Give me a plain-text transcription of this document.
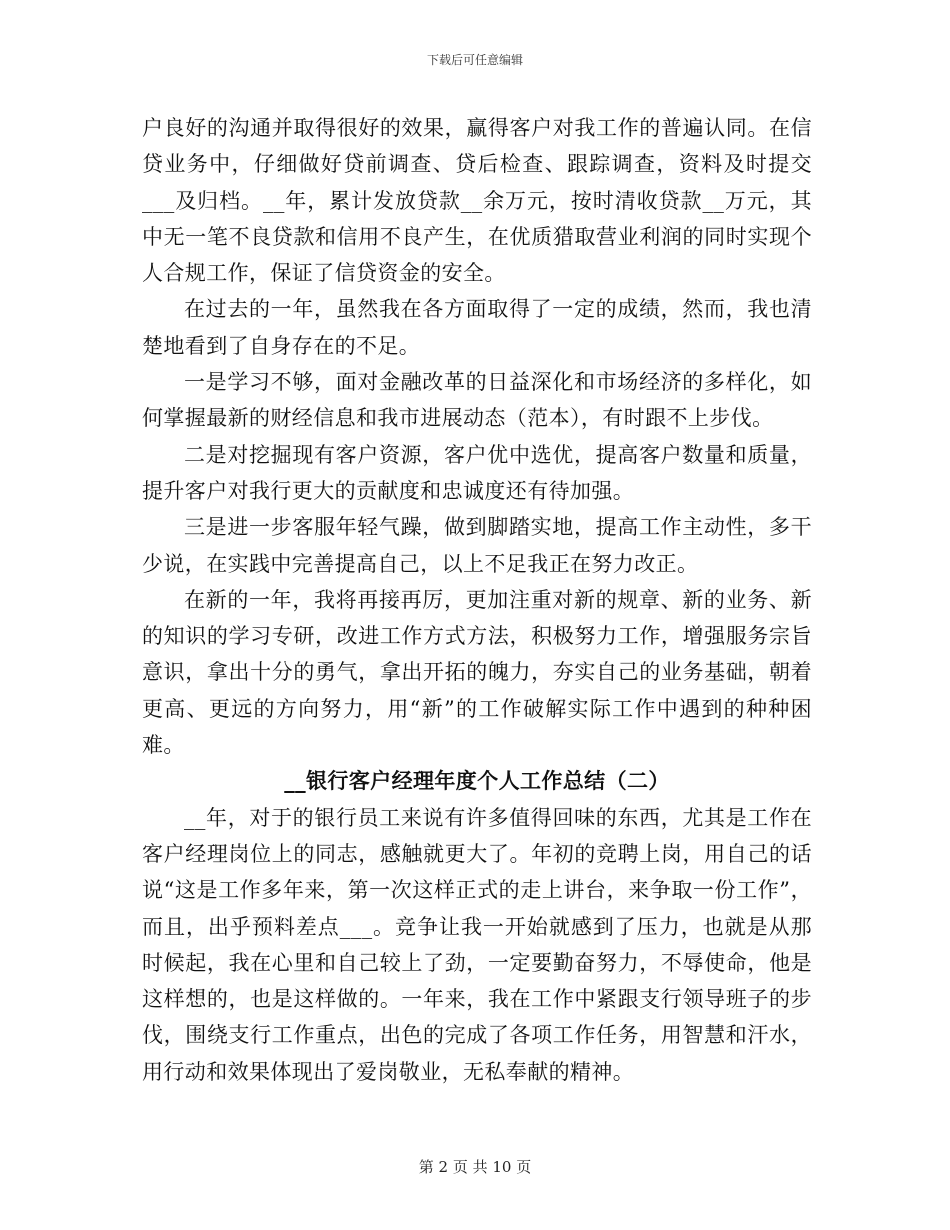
下载后可任意编辑

户良好的沟通并取得很好的效果，赢得客户对我工作的普遍认同。在信贷业务中，仔细做好贷前调查、贷后检查、跟踪调查，资料及时提交___及归档。__年，累计发放贷款__余万元，按时清收贷款__万元，其中无一笔不良贷款和信用不良产生，在优质猎取营业利润的同时实现个人合规工作，保证了信贷资金的安全。

在过去的一年，虽然我在各方面取得了一定的成绩，然而，我也清楚地看到了自身存在的不足。

一是学习不够，面对金融改革的日益深化和市场经济的多样化，如何掌握最新的财经信息和我市进展动态（范本），有时跟不上步伐。

二是对挖掘现有客户资源，客户优中选优，提高客户数量和质量，提升客户对我行更大的贡献度和忠诚度还有待加强。

三是进一步客服年轻气躁，做到脚踏实地，提高工作主动性，多干少说，在实践中完善提高自己，以上不足我正在努力改正。

在新的一年，我将再接再厉，更加注重对新的规章、新的业务、新的知识的学习专研，改进工作方式方法，积极努力工作，增强服务宗旨意识，拿出十分的勇气，拿出开拓的魄力，夯实自己的业务基础，朝着更高、更远的方向努力，用“新”的工作破解实际工作中遇到的种种困难。

__银行客户经理年度个人工作总结（二）

__年，对于的银行员工来说有许多值得回味的东西，尤其是工作在客户经理岗位上的同志，感触就更大了。年初的竞聘上岗，用自己的话说“这是工作多年来，第一次这样正式的走上讲台，来争取一份工作”，而且，出乎预料差点___。竞争让我一开始就感到了压力，也就是从那时候起，我在心里和自己较上了劲，一定要勤奋努力，不辱使命，他是这样想的，也是这样做的。一年来，我在工作中紧跟支行领导班子的步伐，围绕支行工作重点，出色的完成了各项工作任务，用智慧和汗水，用行动和效果体现出了爱岗敬业，无私奉献的精神。

第 2 页 共 10 页
